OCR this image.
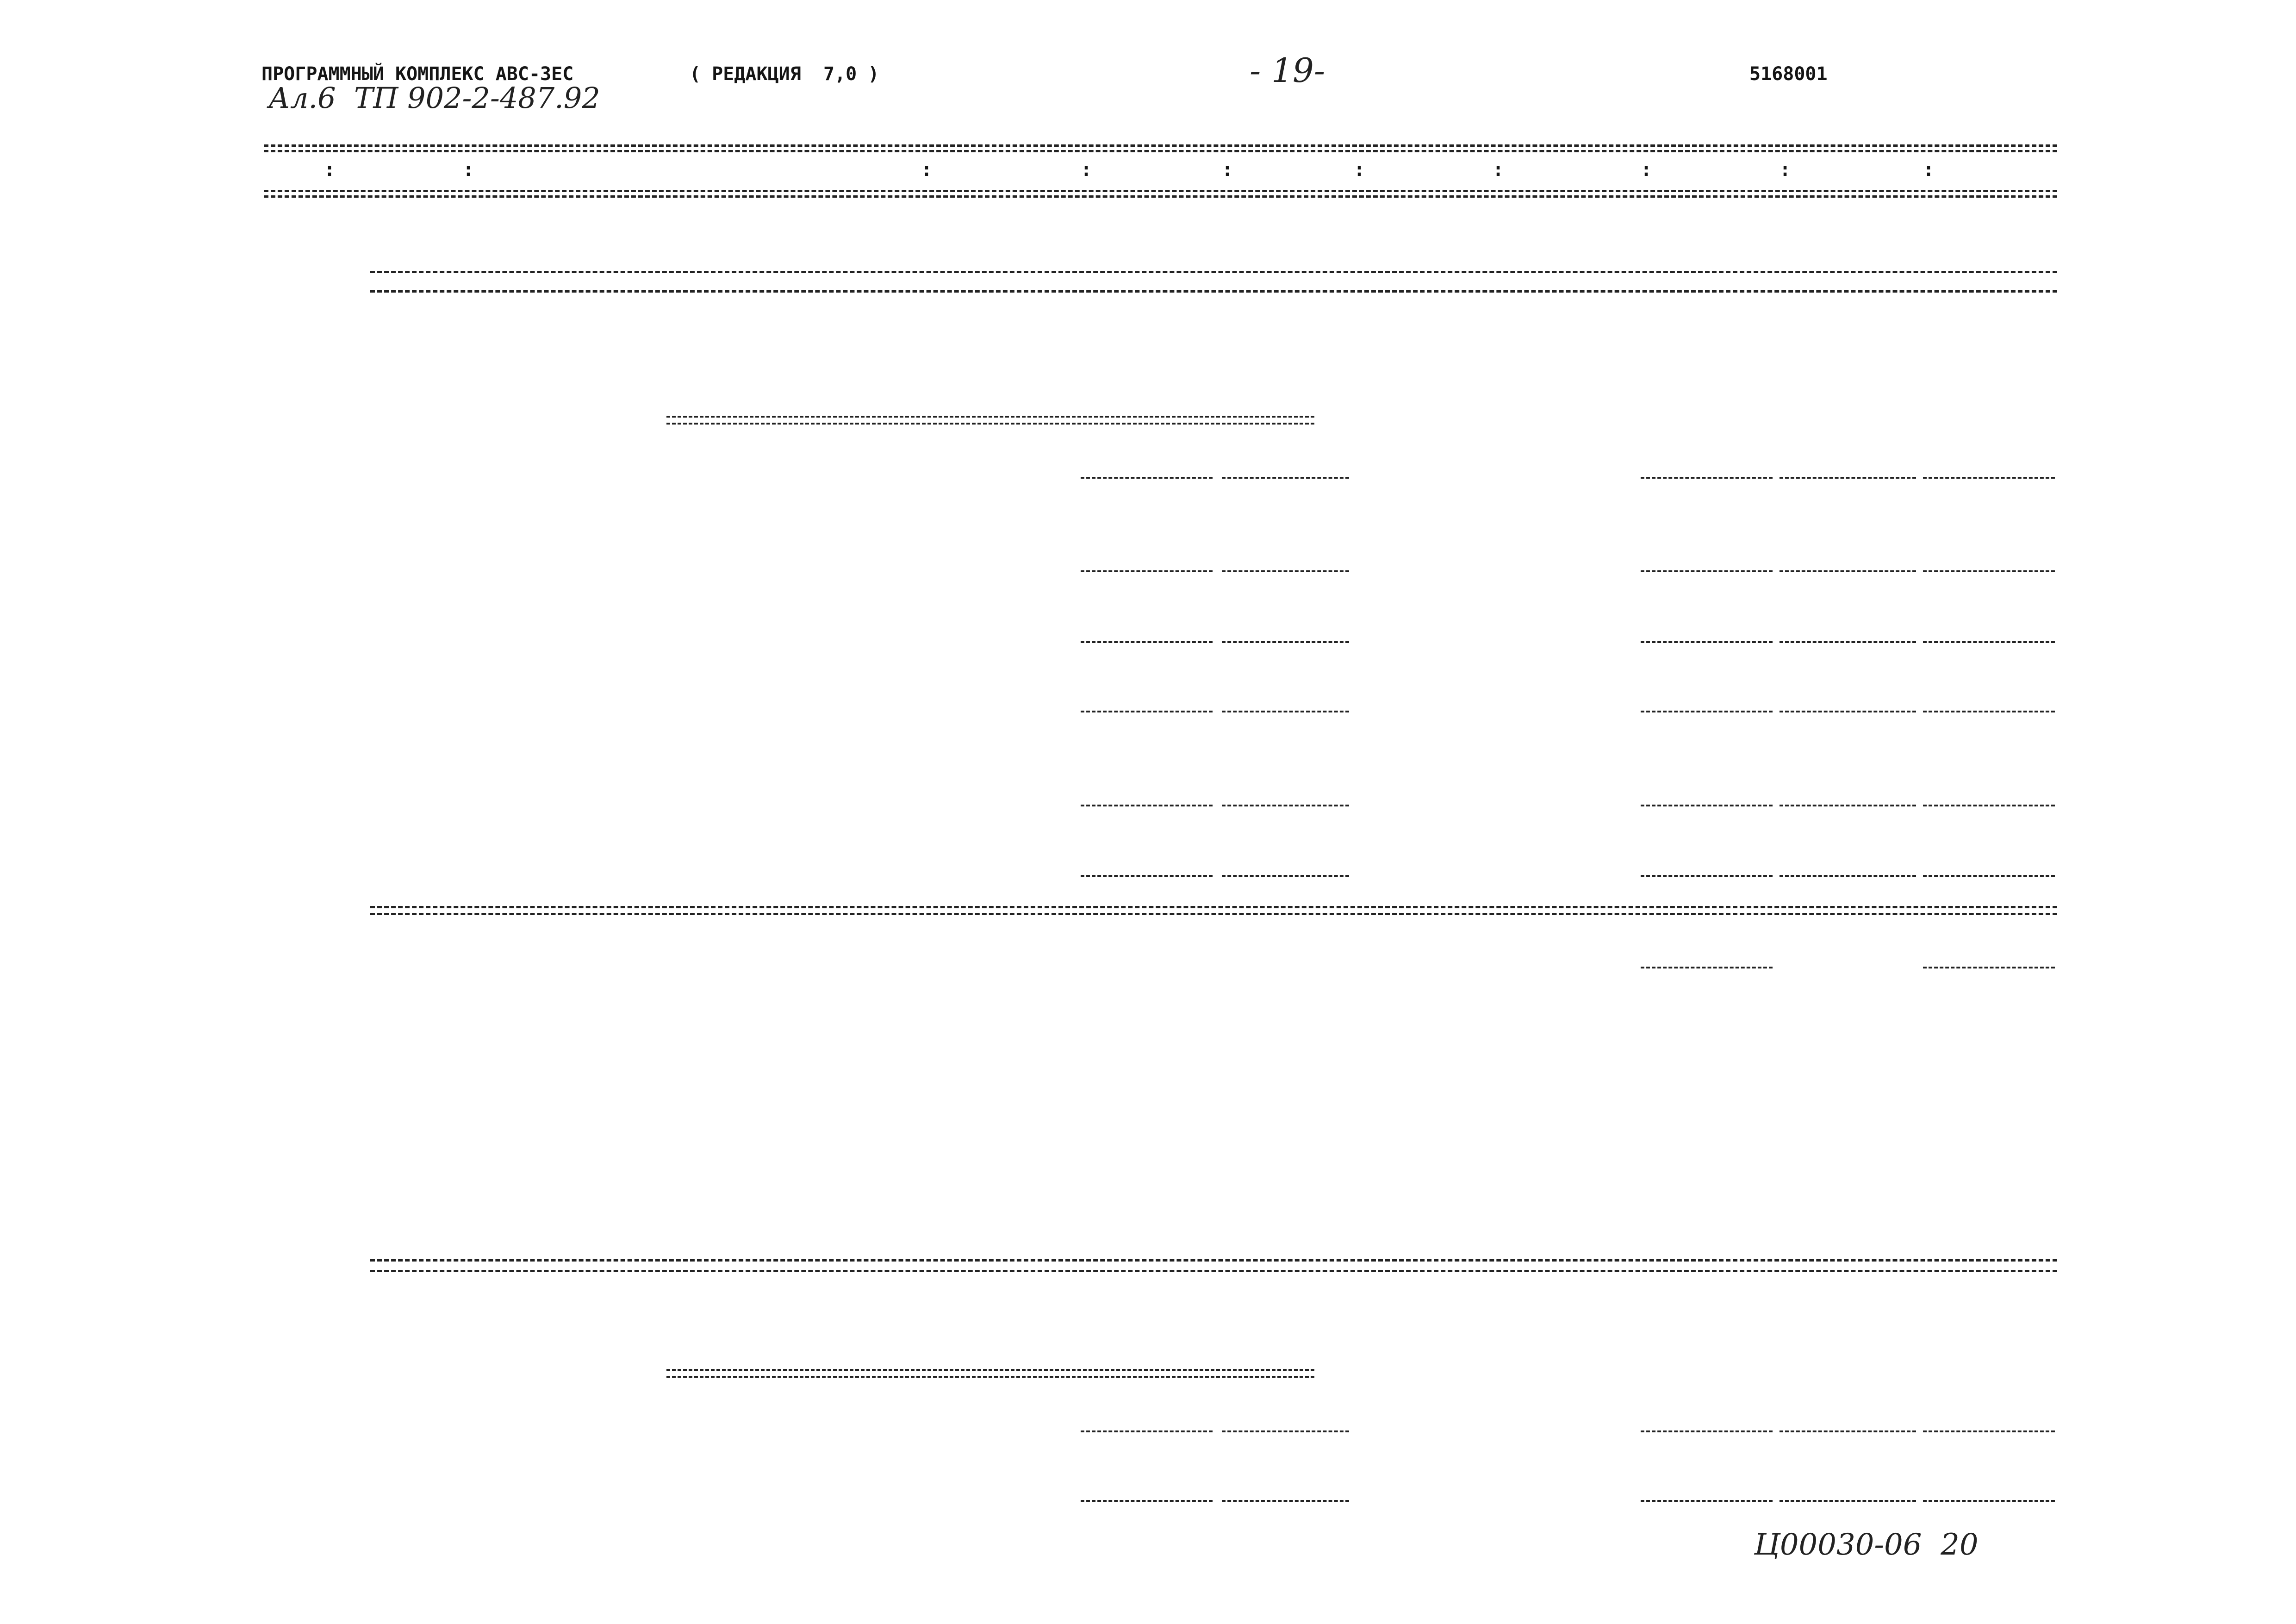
ПРОГРАММНЫЙ КОМПЛЕКС АВС-3ЕС	( РЕДАКЦИЯ  7,0 )	- 19-	5168001
Ал.6  ТП 902-2-487.92
:	:	:	:	:	:	:	:	:	:
Ц00030-06  20
